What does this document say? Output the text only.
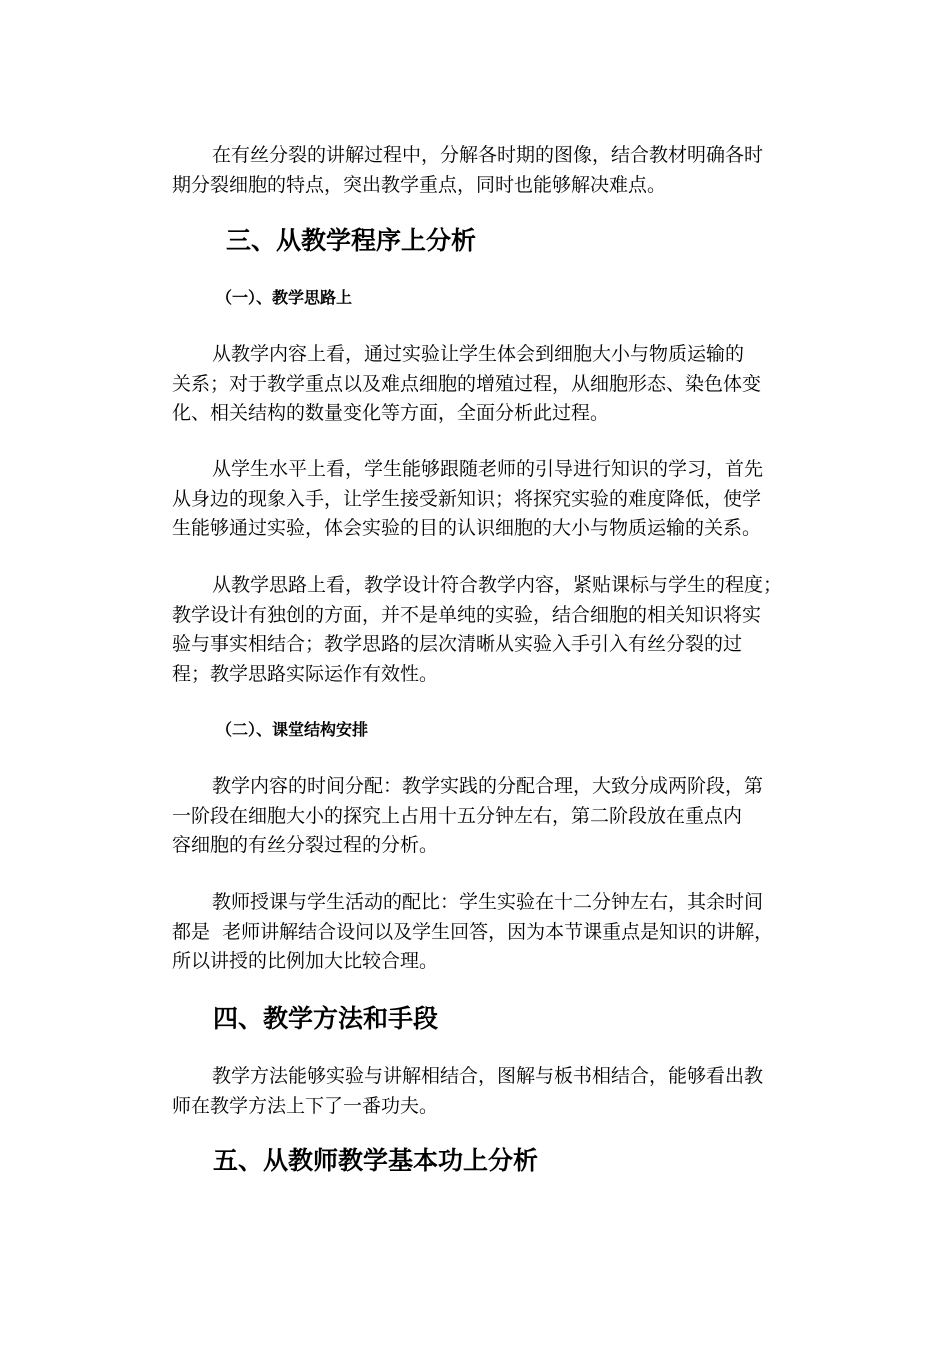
在有丝分裂的讲解过程中，分解各时期的图像，结合教材明确各时
期分裂细胞的特点，突出教学重点，同时也能够解决难点。

三、从教学程序上分析
（一）、教学思路上

从教学内容上看，通过实验让学生体会到细胞大小与物质运输的
关系；对于教学重点以及难点细胞的增殖过程，从细胞形态、染色体变
化、相关结构的数量变化等方面，全面分析此过程。

从学生水平上看，学生能够跟随老师的引导进行知识的学习，首先
从身边的现象入手，让学生接受新知识；将探究实验的难度降低，使学
生能够通过实验，体会实验的目的认识细胞的大小与物质运输的关系。

从教学思路上看，教学设计符合教学内容，紧贴课标与学生的程度；
教学设计有独创的方面，并不是单纯的实验，结合细胞的相关知识将实
验与事实相结合；教学思路的层次清晰从实验入手引入有丝分裂的过
程；教学思路实际运作有效性。

（二）、课堂结构安排

教学内容的时间分配：教学实践的分配合理，大致分成两阶段，第
一阶段在细胞大小的探究上占用十五分钟左右，第二阶段放在重点内
容细胞的有丝分裂过程的分析。

教师授课与学生活动的配比：学生实验在十二分钟左右，其余时间
都是  老师讲解结合设问以及学生回答，因为本节课重点是知识的讲解，
所以讲授的比例加大比较合理。

四、教学方法和手段

教学方法能够实验与讲解相结合，图解与板书相结合，能够看出教
师在教学方法上下了一番功夫。

五、从教师教学基本功上分析
